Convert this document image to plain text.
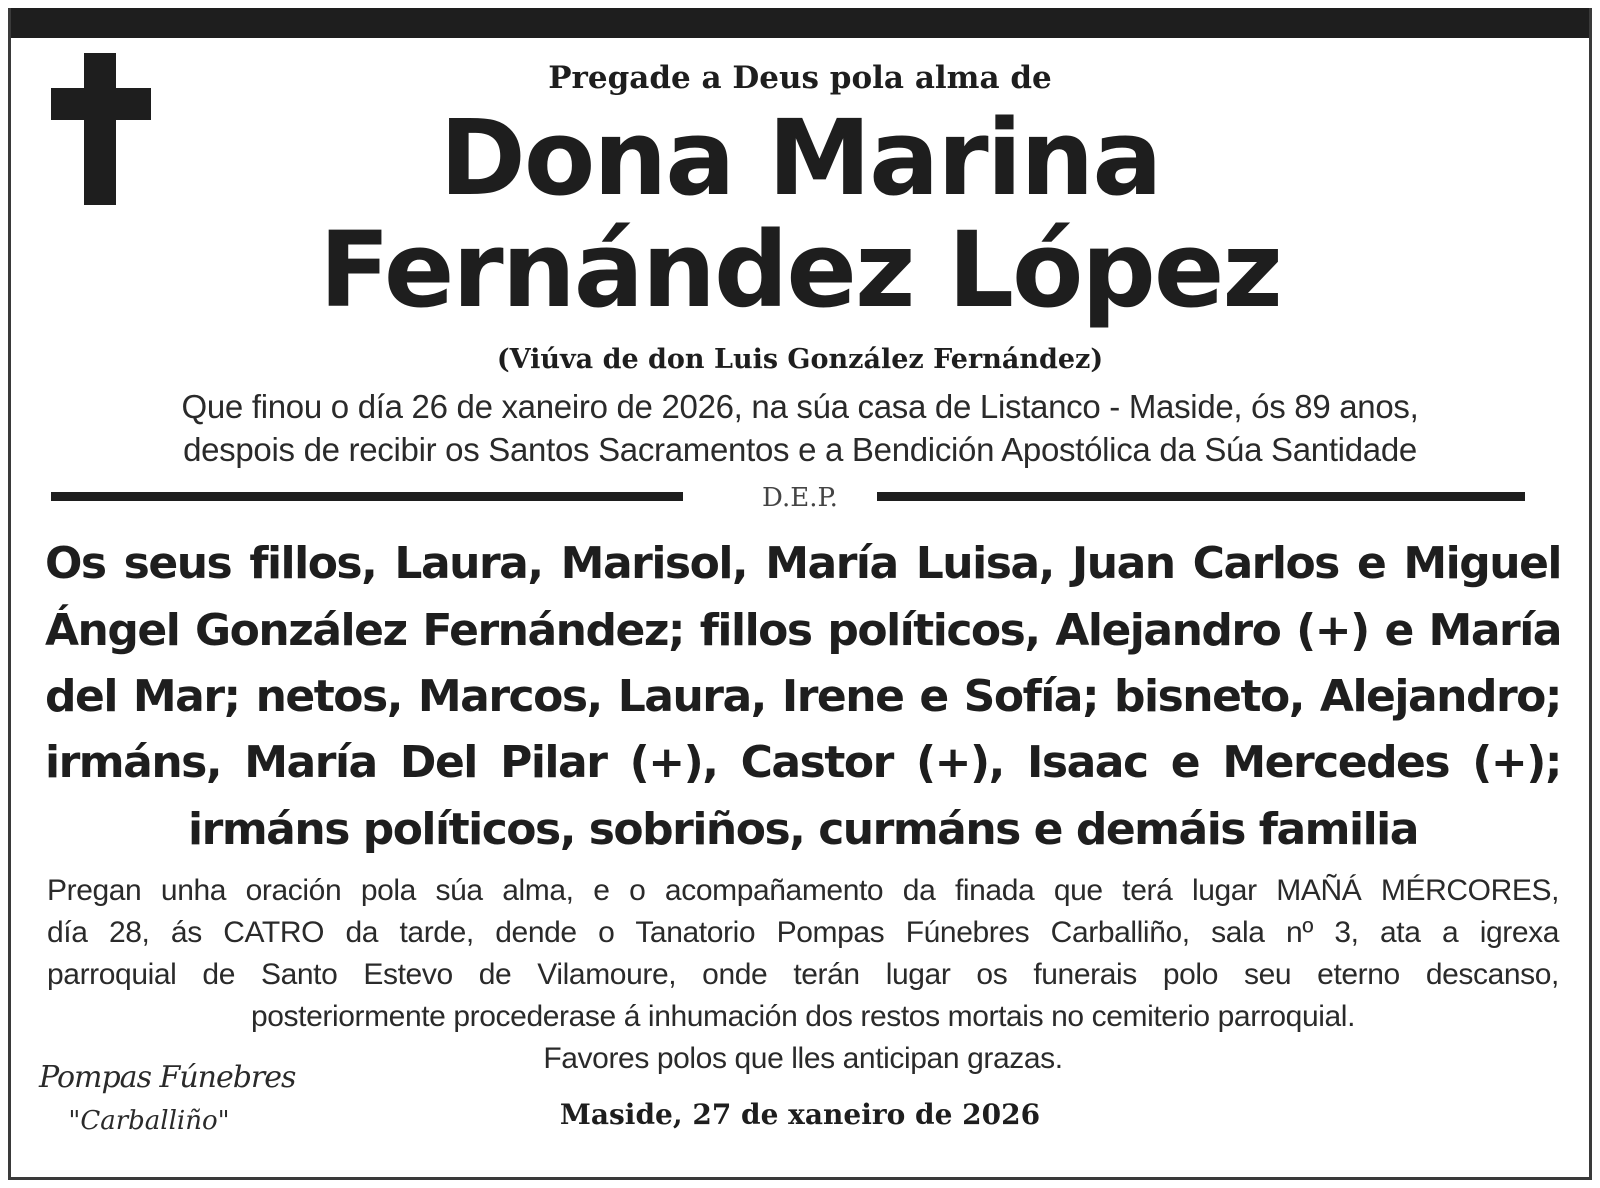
Pregade a Deus pola alma de
Dona Marina
Fernández López
(Viúva de don Luis González Fernández)
Que finou o día 26 de xaneiro de 2026, na súa casa de Listanco - Maside, ós 89 anos,
despois de recibir os Santos Sacramentos e a Bendición Apostólica da Súa Santidade
D.E.P.
Os seus fillos, Laura, Marisol, María Luisa, Juan Carlos e Miguel
Ángel González Fernández; fillos políticos, Alejandro (+) e María
del Mar; netos, Marcos, Laura, Irene e Sofía; bisneto, Alejandro;
irmáns, María Del Pilar (+), Castor (+), Isaac e Mercedes (+);
irmáns políticos, sobriños, curmáns e demáis familia
Pregan unha oración pola súa alma, e o acompañamento da finada que terá lugar MAÑÁ MÉRCORES,
día 28, ás CATRO da tarde, dende o Tanatorio Pompas Fúnebres Carballiño, sala nº 3, ata a igrexa
parroquial de Santo Estevo de Vilamoure, onde terán lugar os funerais polo seu eterno descanso,
posteriormente procederase á inhumación dos restos mortais no cemiterio parroquial.
Favores polos que lles anticipan grazas.
Pompas Fúnebres
"Carballiño"	Maside, 27 de xaneiro de 2026
